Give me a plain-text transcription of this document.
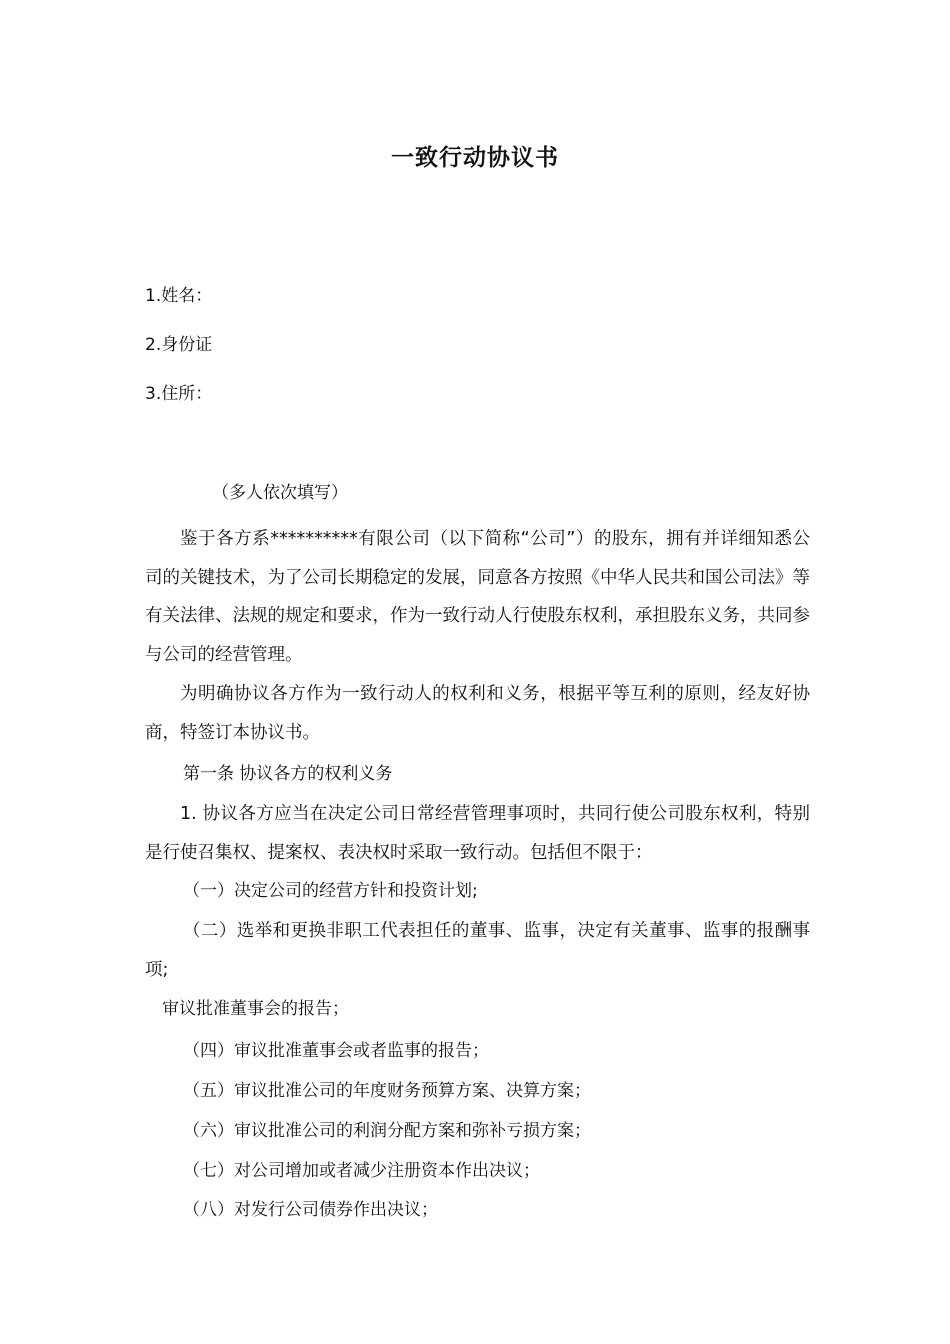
一致行动协议书
1.姓名：
2.身份证
3.住所：
（多人依次填写）
鉴于各方系**********有限公司（以下简称“公司”）的股东，拥有并详细知悉公司的关键技术，为了公司长期稳定的发展，同意各方按照《中华人民共和国公司法》等有关法律、法规的规定和要求，作为一致行动人行使股东权利，承担股东义务，共同参与公司的经营管理。
为明确协议各方作为一致行动人的权利和义务，根据平等互利的原则，经友好协商，特签订本协议书。
第一条 协议各方的权利义务
1. 协议各方应当在决定公司日常经营管理事项时，共同行使公司股东权利，特别是行使召集权、提案权、表决权时采取一致行动。包括但不限于：
（一）决定公司的经营方针和投资计划;
（二）选举和更换非职工代表担任的董事、监事，决定有关董事、监事的报酬事项;
审议批准董事会的报告；
（四）审议批准董事会或者监事的报告；
（五）审议批准公司的年度财务预算方案、决算方案；
（六）审议批准公司的利润分配方案和弥补亏损方案；
（七）对公司增加或者减少注册资本作出决议；
（八）对发行公司债券作出决议；
